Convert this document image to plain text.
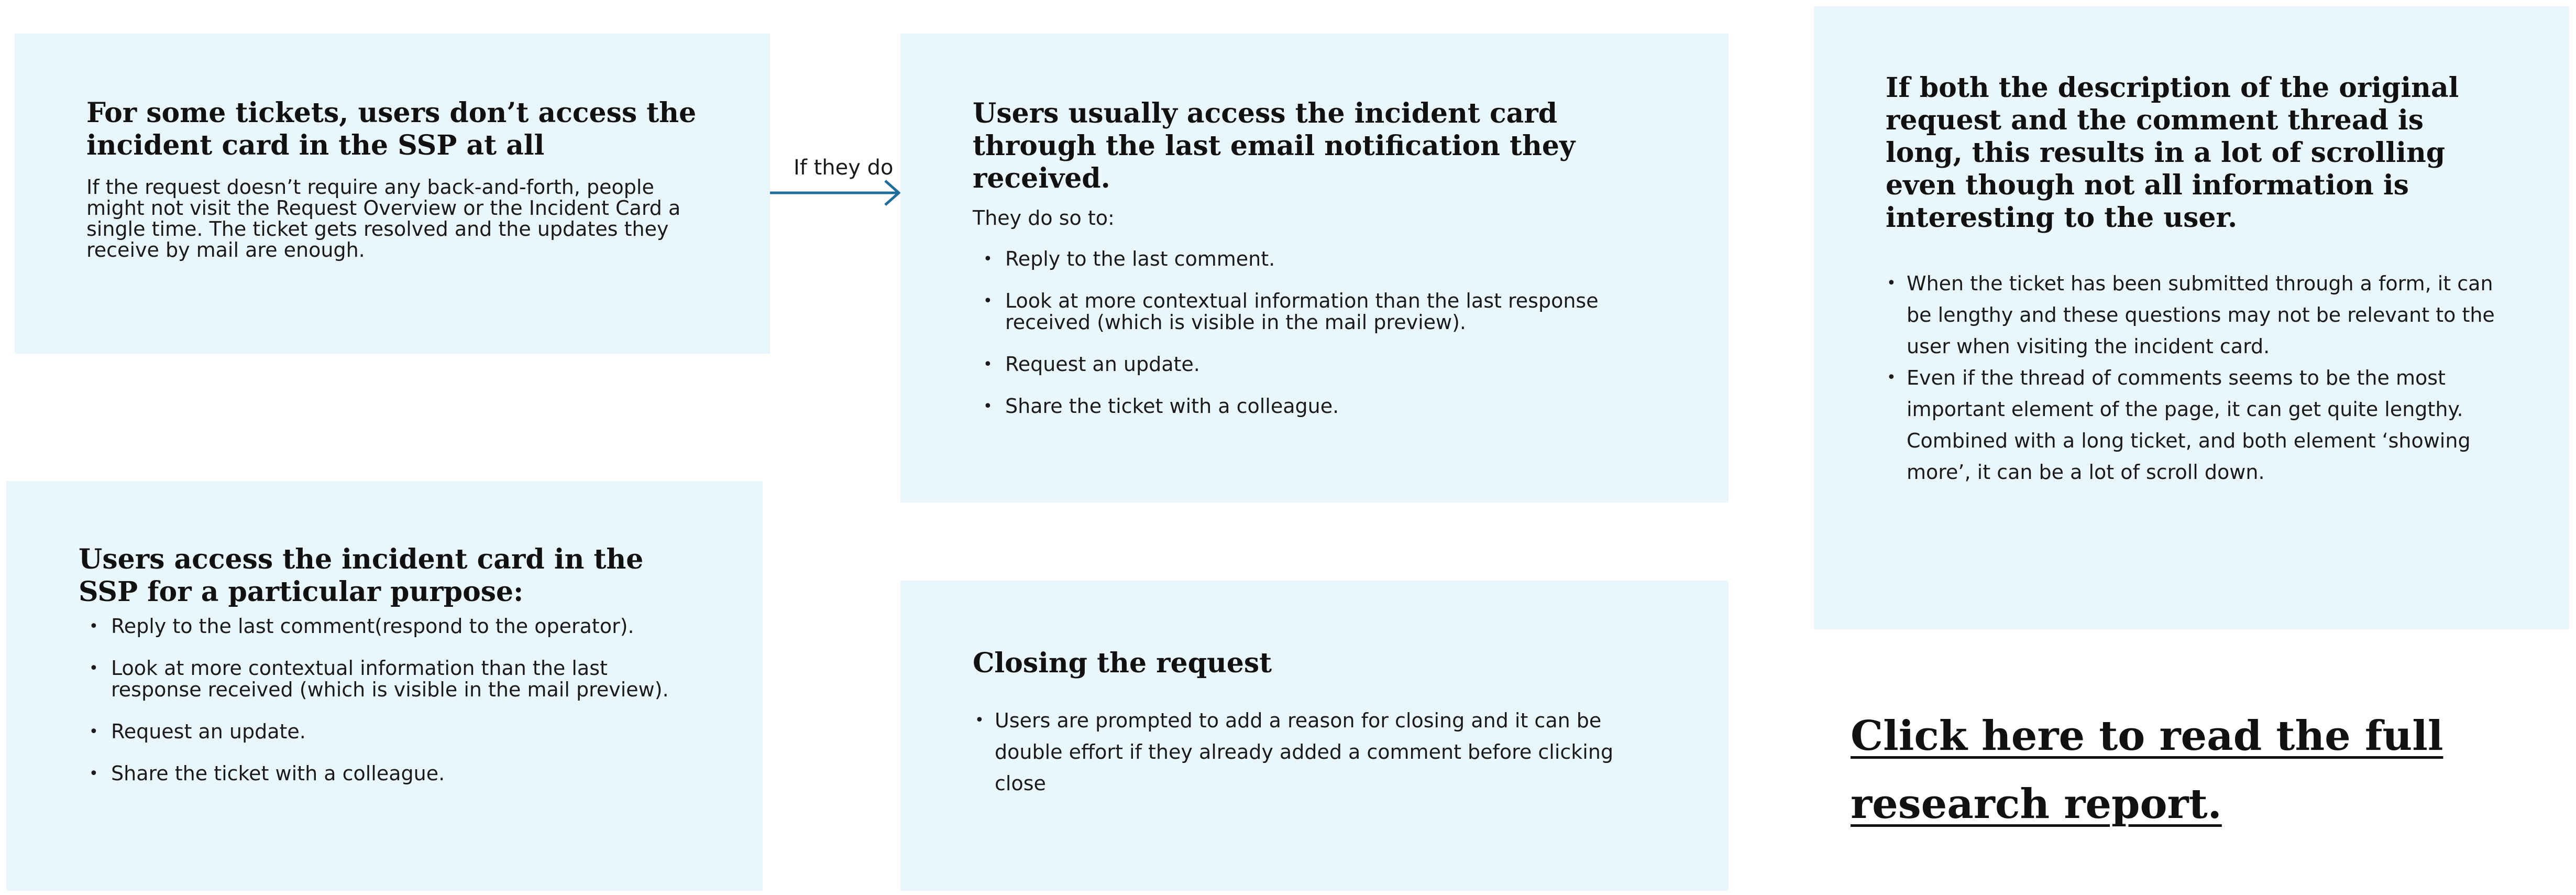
For some tickets, users don’t access the incident card in the SSP at all

If the request doesn’t require any back-and-forth, people might not visit the Request Overview or the Incident Card a single time. The ticket gets resolved and the updates they receive by mail are enough.

If they do
Users usually access the incident card through the last email notification they received.

They do so to:

• Reply to the last comment.
• Look at more contextual information than the last response received (which is visible in the mail preview).
• Request an update.
• Share the ticket with a colleague.
If both the description of the original request and the comment thread is long, this results in a lot of scrolling even though not all information is interesting to the user.
• When the ticket has been submitted through a form, it can be lengthy and these questions may not be relevant to the user when visiting the incident card.
• Even if the thread of comments seems to be the most important element of the page, it can get quite lengthy. Combined with a long ticket, and both element ‘showing more’, it can be a lot of scroll down.
Users access the incident card in the SSP for a particular purpose:
• Reply to the last comment(respond to the operator).
• Look at more contextual information than the last response received (which is visible in the mail preview).
• Request an update.
• Share the ticket with a colleague.
Closing the request
• Users are prompted to add a reason for closing and it can be double effort if they already added a comment before clicking close
Click here to read the full research report.
